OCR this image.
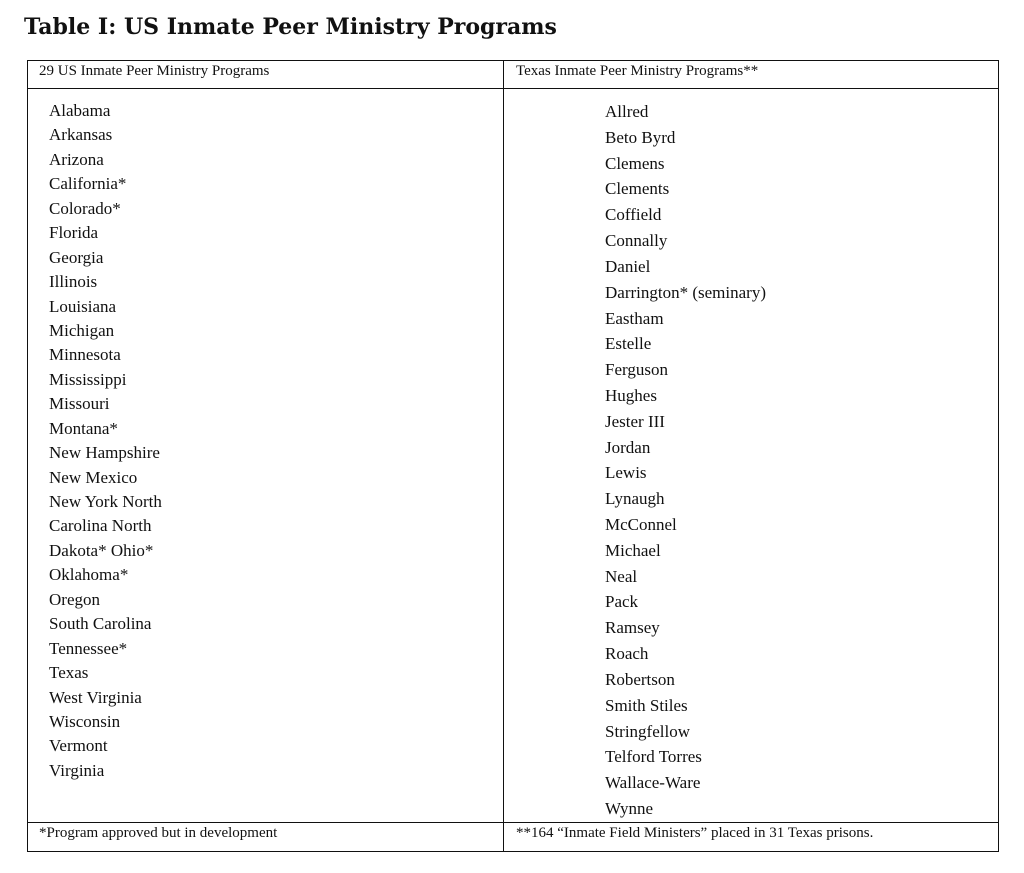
Table I: US Inmate Peer Ministry Programs
29 US Inmate Peer Ministry Programs	Texas Inmate Peer Ministry Programs**
Alabama
Arkansas
Arizona
California*
Colorado*
Florida
Georgia
Illinois
Louisiana
Michigan
Minnesota
Mississippi
Missouri
Montana*
New Hampshire
New Mexico
New York North
Carolina North
Dakota* Ohio*
Oklahoma*
Oregon
South Carolina
Tennessee*
Texas
West Virginia
Wisconsin
Vermont
Virginia
Allred
Beto Byrd
Clemens
Clements
Coffield
Connally
Daniel
Darrington* (seminary)
Eastham
Estelle
Ferguson
Hughes
Jester III
Jordan
Lewis
Lynaugh
McConnel
Michael
Neal
Pack
Ramsey
Roach
Robertson
Smith Stiles
Stringfellow
Telford Torres
Wallace-Ware
Wynne
*Program approved but in development	**164 “Inmate Field Ministers” placed in 31 Texas prisons.
